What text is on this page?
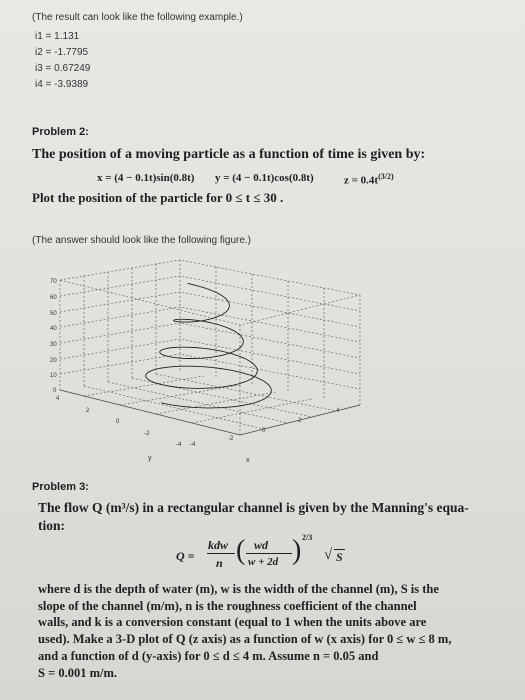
(The result can look like the following example.)

i1 = 1.131
i2 = -1.7795
i3 = 0.67249
i4 = -3.9389

Problem 2:

The position of a moving particle as a function of time is given by:

x = (4 − 0.1t)sin(0.8t) y = (4 − 0.1t)cos(0.8t)	$z = 0.4t^{(3/2)}$

Plot the position of the particle for 0 ≤ t ≤ 30 .

(The answer should look like the following figure.)

70
60
50
40
30
20
10
0
4
2
0
-2
-4
y
-4
-2
0
2
4
x

Problem 3:

The flow Q (m³/s) in a rectangular channel is given by the Manning's equa-

tion:

Q =
kdw
n ( wd
w + 2d ) 2/3
√ S

where d is the depth of water (m), w is the width of the channel (m), S is the

slope of the channel (m/m), n is the roughness coefficient of the channel

walls, and k is a conversion constant (equal to 1 when the units above are

used). Make a 3-D plot of Q (z axis) as a function of w (x axis) for 0 ≤ w ≤ 8 m,

and a function of d (y-axis) for 0 ≤ d ≤ 4 m. Assume n = 0.05 and

S = 0.001 m/m.
